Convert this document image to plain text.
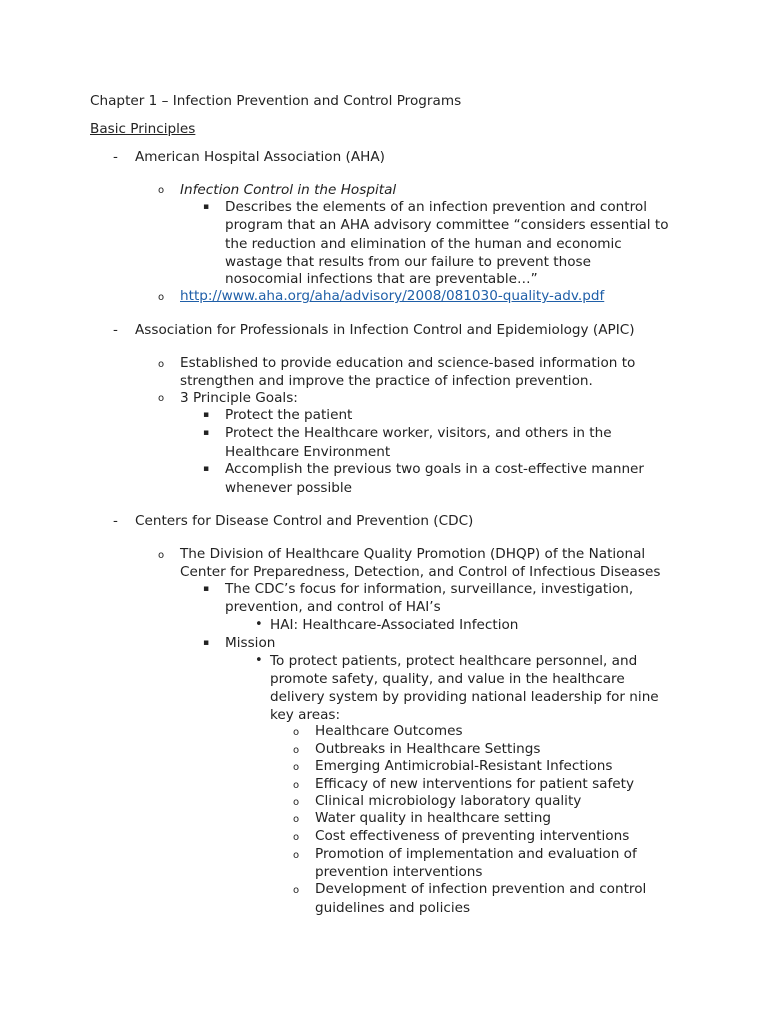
Chapter 1 – Infection Prevention and Control Programs
Basic Principles
- American Hospital Association (AHA)
o Infection Control in the Hospital
▪ Describes the elements of an infection prevention and control
program that an AHA advisory committee “considers essential to
the reduction and elimination of the human and economic
wastage that results from our failure to prevent those
nosocomial infections that are preventable…”
o http://www.aha.org/aha/advisory/2008/081030-quality-adv.pdf
- Association for Professionals in Infection Control and Epidemiology (APIC)
o Established to provide education and science-based information to
strengthen and improve the practice of infection prevention.
o 3 Principle Goals:
▪ Protect the patient
▪ Protect the Healthcare worker, visitors, and others in the
Healthcare Environment
▪ Accomplish the previous two goals in a cost-effective manner
whenever possible
- Centers for Disease Control and Prevention (CDC)
o The Division of Healthcare Quality Promotion (DHQP) of the National
Center for Preparedness, Detection, and Control of Infectious Diseases
▪ The CDC’s focus for information, surveillance, investigation,
prevention, and control of HAI’s
• HAI: Healthcare-Associated Infection
▪ Mission
• To protect patients, protect healthcare personnel, and
promote safety, quality, and value in the healthcare
delivery system by providing national leadership for nine
key areas:
o Healthcare Outcomes
o Outbreaks in Healthcare Settings
o Emerging Antimicrobial-Resistant Infections
o Efficacy of new interventions for patient safety
o Clinical microbiology laboratory quality
o Water quality in healthcare setting
o Cost effectiveness of preventing interventions
o Promotion of implementation and evaluation of
prevention interventions
o Development of infection prevention and control
guidelines and policies
